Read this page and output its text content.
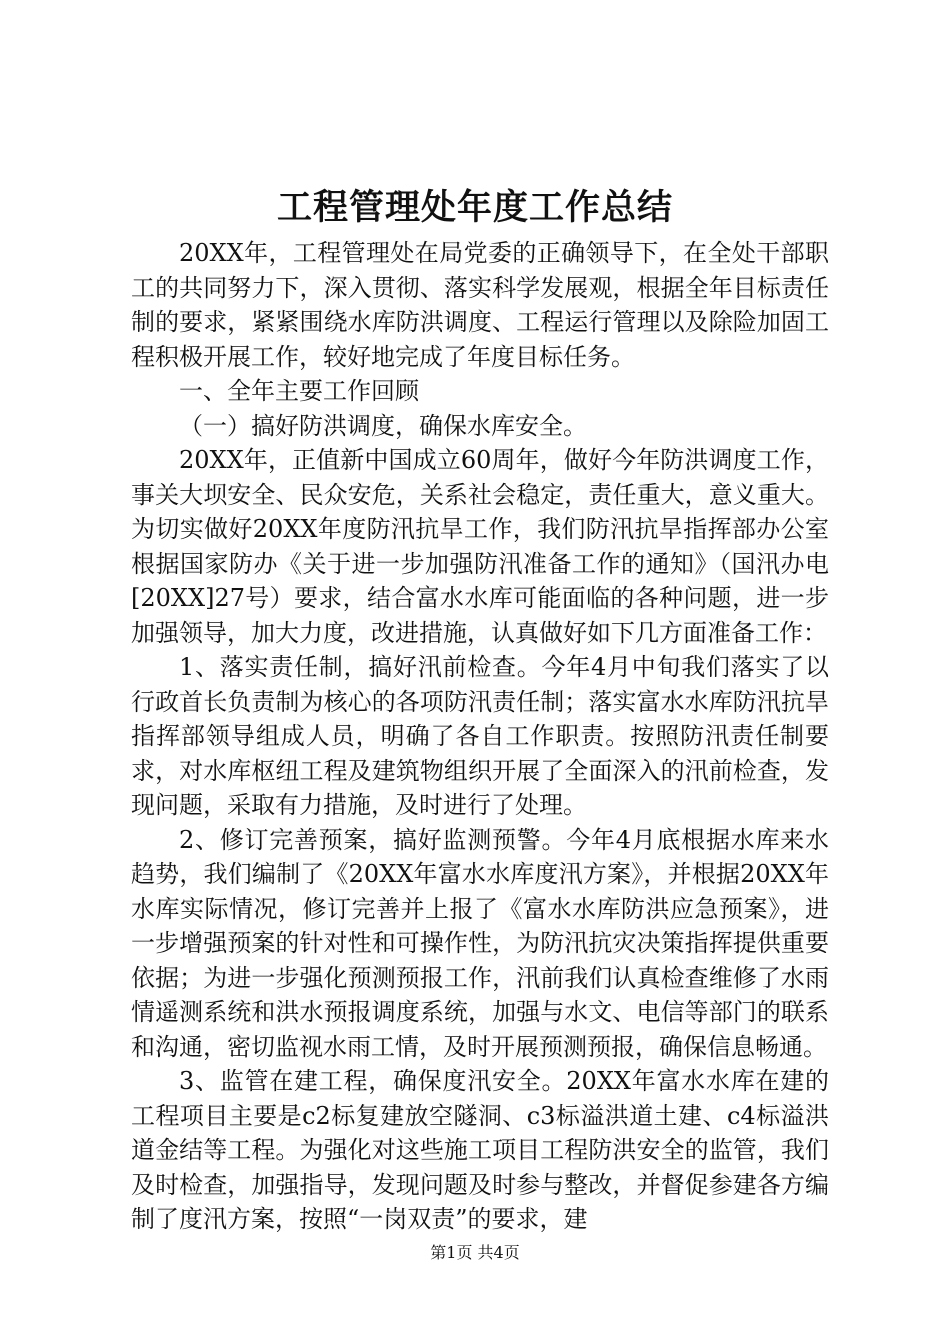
工程管理处年度工作总结

20XX年，工程管理处在局党委的正确领导下，在全处干部职工的共同努力下，深入贯彻、落实科学发展观，根据全年目标责任制的要求，紧紧围绕水库防洪调度、工程运行管理以及除险加固工程积极开展工作，较好地完成了年度目标任务。

一、全年主要工作回顾

（一）搞好防洪调度，确保水库安全。

20XX年，正值新中国成立60周年，做好今年防洪调度工作，事关大坝安全、民众安危，关系社会稳定，责任重大，意义重大。为切实做好20XX年度防汛抗旱工作，我们防汛抗旱指挥部办公室根据国家防办《关于进一步加强防汛准备工作的通知》（国汛办电[20XX]27号）要求，结合富水水库可能面临的各种问题，进一步加强领导，加大力度，改进措施，认真做好如下几方面准备工作：

1、落实责任制，搞好汛前检查。今年4月中旬我们落实了以行政首长负责制为核心的各项防汛责任制；落实富水水库防汛抗旱指挥部领导组成人员，明确了各自工作职责。按照防汛责任制要求，对水库枢纽工程及建筑物组织开展了全面深入的汛前检查，发现问题，采取有力措施，及时进行了处理。

2、修订完善预案，搞好监测预警。今年4月底根据水库来水趋势，我们编制了《20XX年富水水库度汛方案》，并根据20XX年水库实际情况，修订完善并上报了《富水水库防洪应急预案》，进一步增强预案的针对性和可操作性，为防汛抗灾决策指挥提供重要依据；为进一步强化预测预报工作，汛前我们认真检查维修了水雨情遥测系统和洪水预报调度系统，加强与水文、电信等部门的联系和沟通，密切监视水雨工情，及时开展预测预报，确保信息畅通。

3、监管在建工程，确保度汛安全。20XX年富水水库在建的工程项目主要是c2标复建放空隧洞、c3标溢洪道土建、c4标溢洪道金结等工程。为强化对这些施工项目工程防洪安全的监管，我们及时检查，加强指导，发现问题及时参与整改，并督促参建各方编制了度汛方案，按照“一岗双责”的要求，建

第1页 共4页
